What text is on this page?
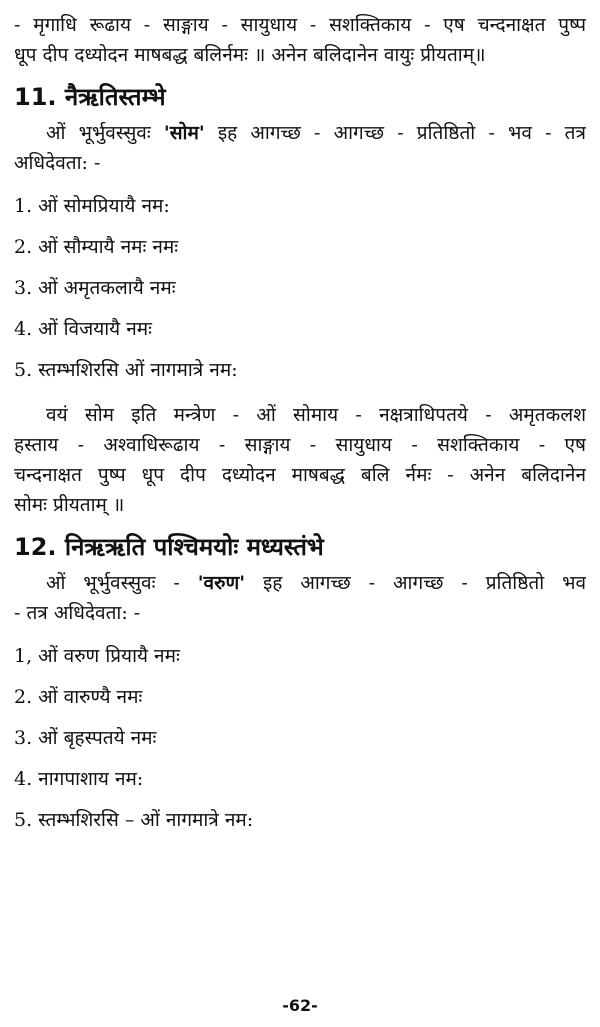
- मृगाधि रूढाय - साङ्गाय - सायुधाय - सशक्तिकाय - एष चन्दनाक्षत पुष्प
धूप दीप दध्योदन माषबद्ध बलिर्नमः ॥ अनेन बलिदानेन वायुः प्रीयताम्॥
11. नैऋतिस्तम्भे
ओं भूर्भुवस्सुवः 'सोम' इह आगच्छ - आगच्छ - प्रतिष्ठितो - भव - तत्र
अधिदेवता: -
1. ओं सोमप्रियायै नम:
2. ओं सौम्यायै नमः नमः
3. ओं अमृतकलायै नमः
4. ओं विजयायै नमः
5. स्तम्भशिरसि ओं नागमात्रे नम:
वयं सोम इति मन्त्रेण - ओं सोमाय - नक्षत्राधिपतये - अमृतकलश
हस्ताय - अश्वाधिरूढाय - साङ्गाय - सायुधाय - सशक्तिकाय - एष
चन्दनाक्षत पुष्प धूप दीप दध्योदन माषबद्ध बलि र्नमः - अनेन बलिदानेन
सोमः प्रीयताम् ॥
12. निऋऋति पश्चिमयोः मध्यस्तंभे
ओं भूर्भुवस्सुवः - 'वरुण' इह आगच्छ - आगच्छ - प्रतिष्ठितो भव
- तत्र अधिदेवता: -
1, ओं वरुण प्रियायै नमः
2. ओं वारुण्यै नमः
3. ओं बृहस्पतये नमः
4. नागपाशाय नम:
5. स्तम्भशिरसि – ओं नागमात्रे नम:
-62-
